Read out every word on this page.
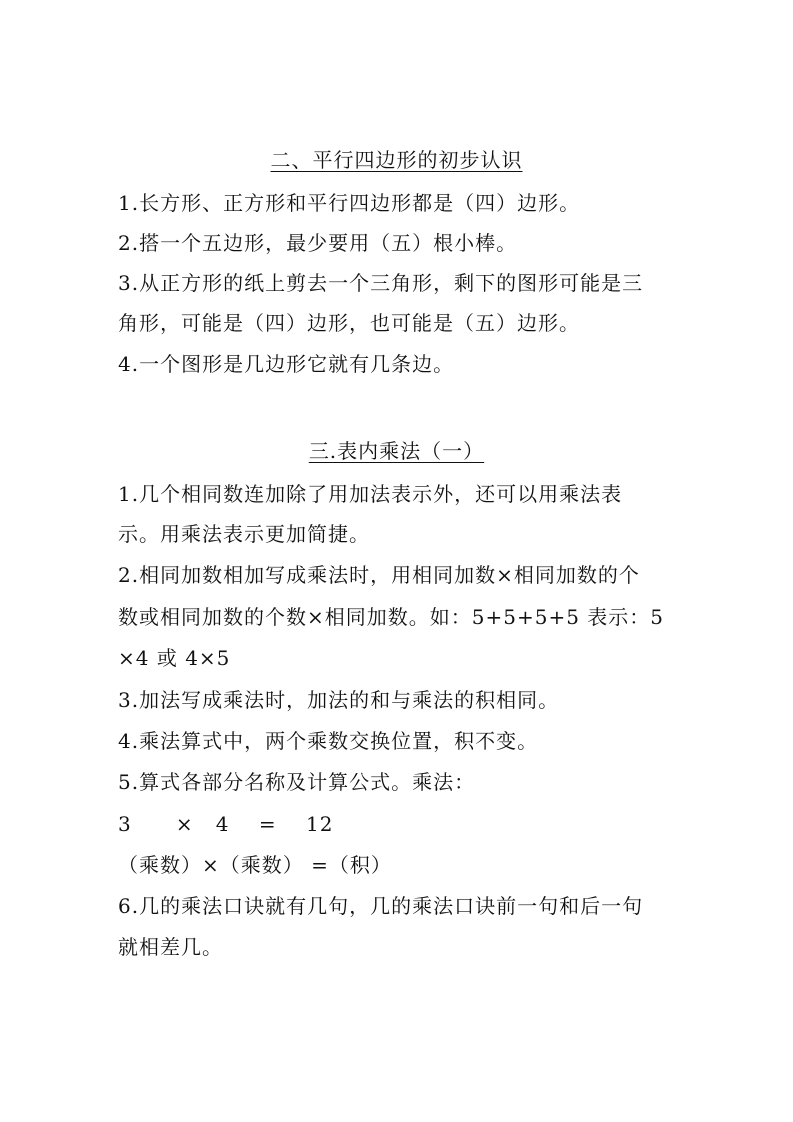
二、平行四边形的初步认识
1.长方形、正方形和平行四边形都是（四）边形。
2.搭一个五边形，最少要用（五）根小棒。
3.从正方形的纸上剪去一个三角形，剩下的图形可能是三
角形，可能是（四）边形，也可能是（五）边形。
4.一个图形是几边形它就有几条边。
三.表内乘法（一）
1.几个相同数连加除了用加法表示外，还可以用乘法表
示。用乘法表示更加简捷。
2.相同加数相加写成乘法时，用相同加数×相同加数的个
数或相同加数的个数×相同加数。如：5+5+5+5 表示：5
×4 或 4×5
3.加法写成乘法时，加法的和与乘法的积相同。
4.乘法算式中，两个乘数交换位置，积不变。
5.算式各部分名称及计算公式。乘法：
3      ×   4    =    12
（乘数）×（乘数） =（积）
6.几的乘法口诀就有几句，几的乘法口诀前一句和后一句
就相差几。
